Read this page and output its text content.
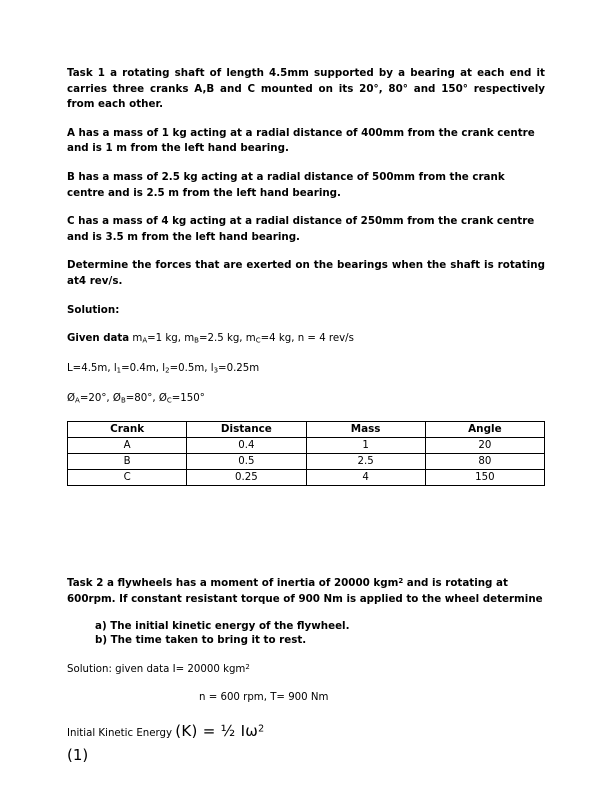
Task 1 a rotating shaft of length 4.5mm supported by a bearing at each end it carries three cranks A,B and C mounted on its 20°, 80° and 150° respectively from each other.

A has a mass of 1 kg acting at a radial distance of 400mm from the crank centre and is 1 m from the left hand bearing.

B has a mass of 2.5 kg acting at a radial distance of 500mm from the crank centre and is 2.5 m from the left hand bearing.

C has a mass of 4 kg acting at a radial distance of 250mm from the crank centre and is 3.5 m from the left hand bearing.

Determine the forces that are exerted on the bearings when the shaft is rotating at4 rev/s.

Solution:

Given data $m_A=1$ kg, $m_B=2.5$ kg, $m_C=4$ kg, n = 4 rev/s

L=4.5m, $l_1=0.4m$, $l_2=0.5m$, $l_3=0.25m$

$Ø_A=20^\circ$, $Ø_B=80^\circ$, $Ø_C=150^\circ$

Crank	Distance	Mass	Angle
A	0.4	1	20
B	0.5	2.5	80
C	0.25	4	150

Task 2 a flywheels has a moment of inertia of 20000 kgm$^2$ and is rotating at 600rpm. If constant resistant torque of 900 Nm is applied to the wheel determine

a) The initial kinetic energy of the flywheel.
b) The time taken to bring it to rest.

Solution: given data I= 20000 kgm$^2$

n = 600 rpm, T= 900 Nm

Initial Kinetic Energy (K) = ½ $I\omega^2$
(1)
